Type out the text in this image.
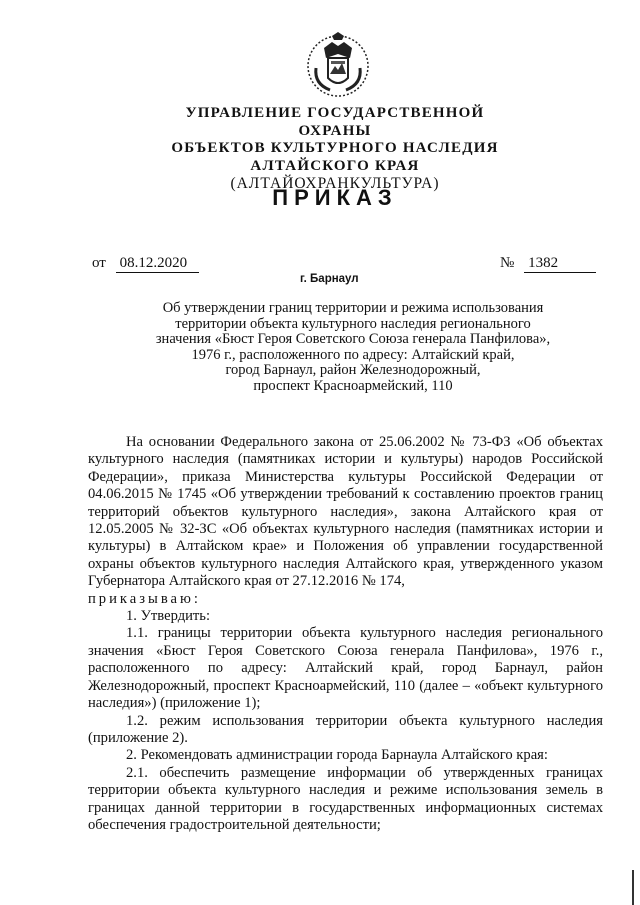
УПРАВЛЕНИЕ ГОСУДАРСТВЕННОЙ ОХРАНЫ
ОБЪЕКТОВ КУЛЬТУРНОГО НАСЛЕДИЯ
АЛТАЙСКОГО КРАЯ
(АЛТАЙОХРАНКУЛЬТУРА)
ПРИКАЗ
от 08.12.2020	№ 1382
г. Барнаул
Об утверждении границ территории и режима использования
территории объекта культурного наследия регионального
значения «Бюст Героя Советского Союза генерала Панфилова»,
1976 г., расположенного по адресу: Алтайский край,
город Барнаул, район Железнодорожный,
проспект Красноармейский, 110

На основании Федерального закона от 25.06.2002 № 73-ФЗ «Об объектах культурного наследия (памятниках истории и культуры) народов Российской Федерации», приказа Министерства культуры Российской Федерации от 04.06.2015 № 1745 «Об утверждении требований к составлению проектов границ территорий объектов культурного наследия», закона Алтайского края от 12.05.2005 № 32-ЗС «Об объектах культурного наследия (памятниках истории и культуры) в Алтайском крае» и Положения об управлении государственной охраны объектов культурного наследия Алтайского края, утвержденного указом Губернатора Алтайского края от 27.12.2016 № 174,

приказываю:

1. Утвердить:

1.1. границы территории объекта культурного наследия регионального значения «Бюст Героя Советского Союза генерала Панфилова», 1976 г., расположенного по адресу: Алтайский край, город Барнаул, район Железнодорожный, проспект Красноармейский, 110 (далее – «объект культурного наследия») (приложение 1);

1.2. режим использования территории объекта культурного наследия (приложение 2).

2. Рекомендовать администрации города Барнаула Алтайского края:

2.1. обеспечить размещение информации об утвержденных границах территории объекта культурного наследия и режиме использования земель в границах данной территории в государственных информационных системах обеспечения градостроительной деятельности;
